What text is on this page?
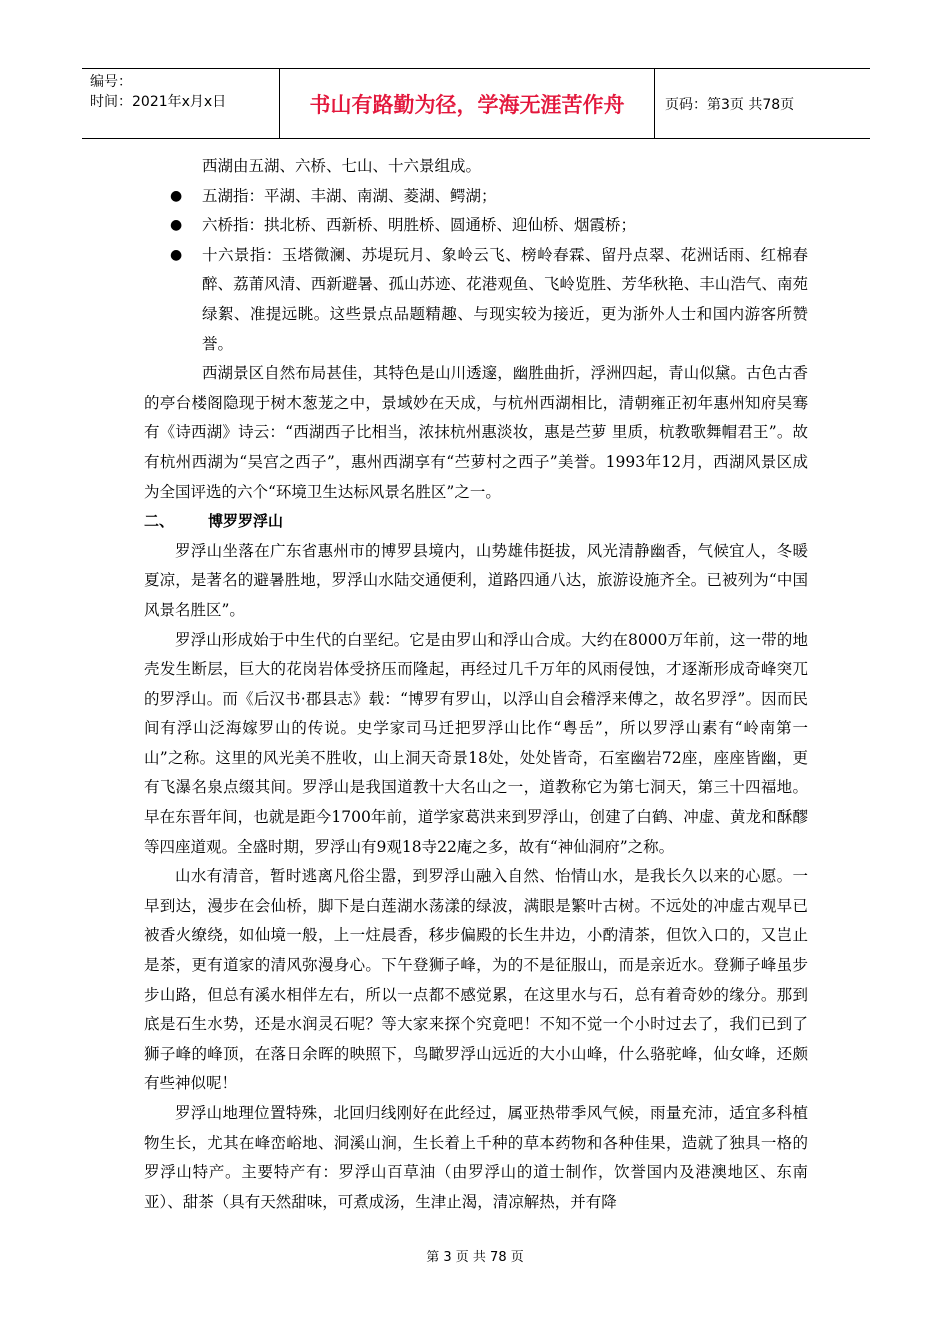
编号：
时间：2021年x月x日	书山有路勤为径，学海无涯苦作舟	页码：第3页 共78页

西湖由五湖、六桥、七山、十六景组成。

● 五湖指：平湖、丰湖、南湖、菱湖、鳄湖；
● 六桥指：拱北桥、西新桥、明胜桥、圆通桥、迎仙桥、烟霞桥；
● 十六景指：玉塔微澜、苏堤玩月、象岭云飞、榜岭春霖、留丹点翠、花洲话雨、红棉春醉、荔莆风清、西新避暑、孤山苏迹、花港观鱼、飞岭览胜、芳华秋艳、丰山浩气、南苑绿絮、准提远眺。这些景点品题精趣、与现实较为接近，更为浙外人士和国内游客所赞誉。

西湖景区自然布局甚佳，其特色是山川透邃，幽胜曲折，浮洲四起，青山似黛。古色古香的亭台楼阁隐现于树木葱茏之中，景域妙在天成，与杭州西湖相比，清朝雍正初年惠州知府吴骞有《诗西湖》诗云：“西湖西子比相当，浓抹杭州惠淡妆，惠是苎萝 里质，杭教歌舞帽君王”。故有杭州西湖为“吴宫之西子”，惠州西湖享有“苎萝村之西子”美誉。1993年12月，西湖风景区成为全国评选的六个“环境卫生达标风景名胜区”之一。

二、	博罗罗浮山

罗浮山坐落在广东省惠州市的博罗县境内，山势雄伟挺拔，风光清静幽香，气候宜人，冬暖夏凉，是著名的避暑胜地，罗浮山水陆交通便利，道路四通八达，旅游设施齐全。已被列为“中国风景名胜区”。

罗浮山形成始于中生代的白垩纪。它是由罗山和浮山合成。大约在8000万年前，这一带的地壳发生断层，巨大的花岗岩体受挤压而隆起，再经过几千万年的风雨侵蚀，才逐渐形成奇峰突兀的罗浮山。而《后汉书·郡县志》载：“博罗有罗山，以浮山自会稽浮来傅之，故名罗浮”。因而民间有浮山泛海嫁罗山的传说。史学家司马迁把罗浮山比作“粤岳”，所以罗浮山素有“岭南第一山”之称。这里的风光美不胜收，山上洞天奇景18处，处处皆奇，石室幽岩72座，座座皆幽，更有飞瀑名泉点缀其间。罗浮山是我国道教十大名山之一，道教称它为第七洞天，第三十四福地。早在东晋年间，也就是距今1700年前，道学家葛洪来到罗浮山，创建了白鹤、冲虚、黄龙和酥醪等四座道观。全盛时期，罗浮山有9观18寺22庵之多，故有“神仙洞府”之称。

山水有清音，暂时逃离凡俗尘嚣，到罗浮山融入自然、怡情山水，是我长久以来的心愿。一早到达，漫步在会仙桥，脚下是白莲湖水荡漾的绿波，满眼是繁叶古树。不远处的冲虚古观早已被香火缭绕，如仙境一般，上一炷晨香，移步偏殿的长生井边，小酌清茶，但饮入口的，又岂止是茶，更有道家的清风弥漫身心。下午登狮子峰，为的不是征服山，而是亲近水。登狮子峰虽步步山路，但总有溪水相伴左右，所以一点都不感觉累，在这里水与石，总有着奇妙的缘分。那到底是石生水势，还是水润灵石呢？等大家来探个究竟吧！不知不觉一个小时过去了，我们已到了狮子峰的峰顶，在落日余晖的映照下，鸟瞰罗浮山远近的大小山峰，什么骆驼峰，仙女峰，还颇有些神似呢！

罗浮山地理位置特殊，北回归线刚好在此经过，属亚热带季风气候，雨量充沛，适宜多科植物生长，尤其在峰峦峪地、洞溪山涧，生长着上千种的草本药物和各种佳果，造就了独具一格的罗浮山特产。主要特产有：罗浮山百草油（由罗浮山的道士制作，饮誉国内及港澳地区、东南亚）、甜茶（具有天然甜味，可煮成汤，生津止渴，清凉解热，并有降

第 3 页 共 78 页
